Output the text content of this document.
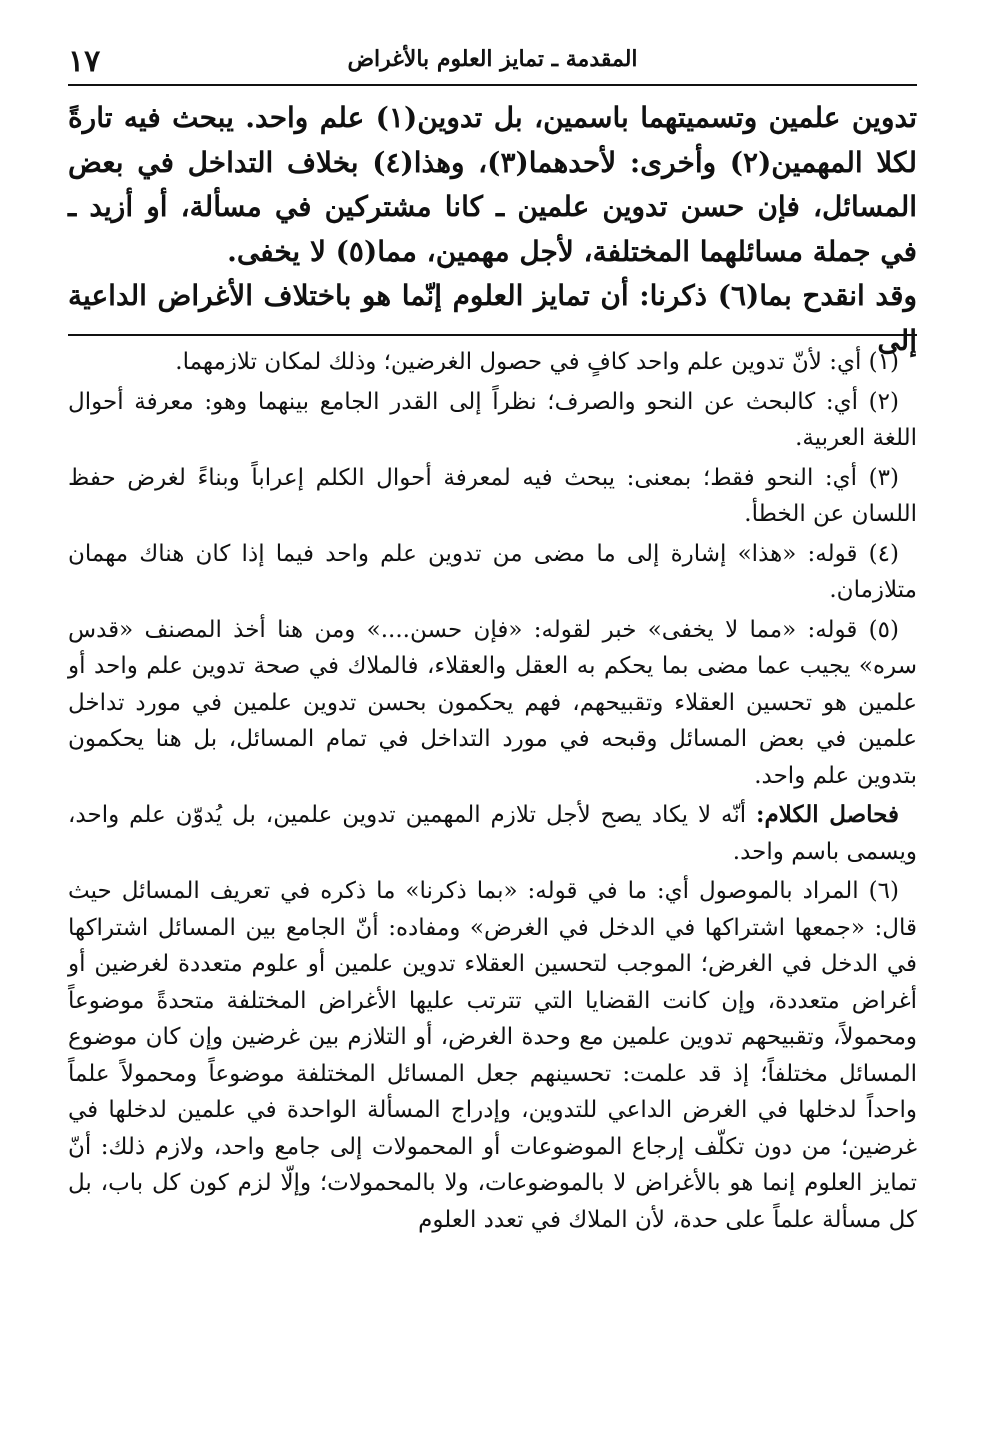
١٧	المقدمة ـ تمايز العلوم بالأغراض

تدوين علمين وتسميتهما باسمين، بل تدوين(١) علم واحد. يبحث فيه تارةً لكلا المهمين(٢) وأخرى: لأحدهما(٣)، وهذا(٤) بخلاف التداخل في بعض المسائل، فإن حسن تدوين علمين ـ كانا مشتركين في مسألة، أو أزيد ـ في جملة مسائلهما المختلفة، لأجل مهمين، مما(٥) لا يخفى.

وقد انقدح بما(٦) ذكرنا: أن تمايز العلوم إنّما هو باختلاف الأغراض الداعية إلى

(١) أي: لأنّ تدوين علم واحد كافٍ في حصول الغرضين؛ وذلك لمكان تلازمهما.

(٢) أي: كالبحث عن النحو والصرف؛ نظراً إلى القدر الجامع بينهما وهو: معرفة أحوال اللغة العربية.

(٣) أي: النحو فقط؛ بمعنى: يبحث فيه لمعرفة أحوال الكلم إعراباً وبناءً لغرض حفظ اللسان عن الخطأ.

(٤) قوله: «هذا» إشارة إلى ما مضى من تدوين علم واحد فيما إذا كان هناك مهمان متلازمان.

(٥) قوله: «مما لا يخفى» خبر لقوله: «فإن حسن....» ومن هنا أخذ المصنف «قدس سره» يجيب عما مضى بما يحكم به العقل والعقلاء، فالملاك في صحة تدوين علم واحد أو علمين هو تحسين العقلاء وتقبيحهم، فهم يحكمون بحسن تدوين علمين في مورد تداخل علمين في بعض المسائل وقبحه في مورد التداخل في تمام المسائل، بل هنا يحكمون بتدوين علم واحد.

فحاصل الكلام: أنّه لا يكاد يصح لأجل تلازم المهمين تدوين علمين، بل يُدوّن علم واحد، ويسمى باسم واحد.

(٦) المراد بالموصول أي: ما في قوله: «بما ذكرنا» ما ذكره في تعريف المسائل حيث قال: «جمعها اشتراكها في الدخل في الغرض» ومفاده: أنّ الجامع بين المسائل اشتراكها في الدخل في الغرض؛ الموجب لتحسين العقلاء تدوين علمين أو علوم متعددة لغرضين أو أغراض متعددة، وإن كانت القضايا التي تترتب عليها الأغراض المختلفة متحدةً موضوعاً ومحمولاً، وتقبيحهم تدوين علمين مع وحدة الغرض، أو التلازم بين غرضين وإن كان موضوع المسائل مختلفاً؛ إذ قد علمت: تحسينهم جعل المسائل المختلفة موضوعاً ومحمولاً علماً واحداً لدخلها في الغرض الداعي للتدوين، وإدراج المسألة الواحدة في علمين لدخلها في غرضين؛ من دون تكلّف إرجاع الموضوعات أو المحمولات إلى جامع واحد، ولازم ذلك: أنّ تمايز العلوم إنما هو بالأغراض لا بالموضوعات، ولا بالمحمولات؛ وإلّا لزم كون كل باب، بل كل مسألة علماً على حدة، لأن الملاك في تعدد العلوم
